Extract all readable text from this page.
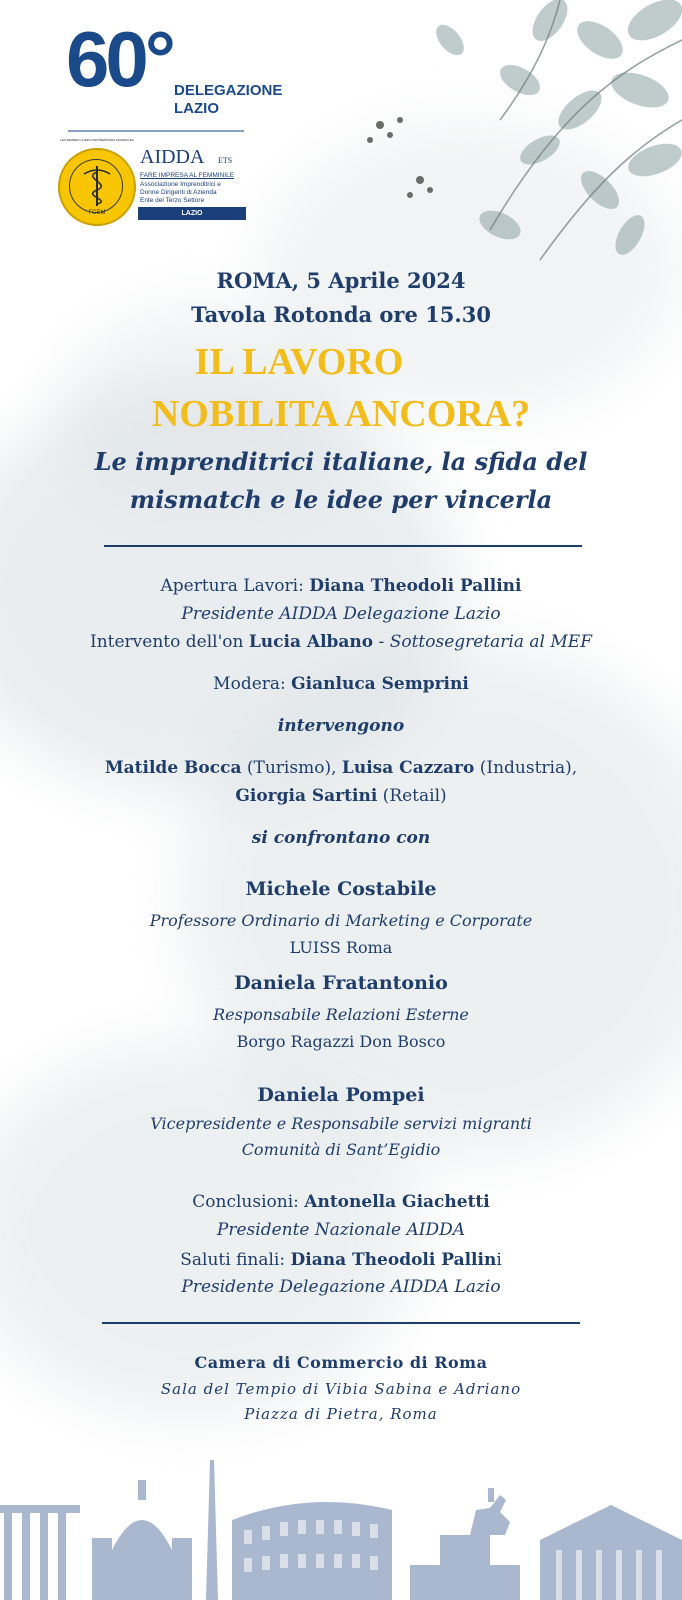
60° DELEGAZIONE
LAZIO
LES FEMMES CHEFS D'ENTREPRISES MONDIALES
FCEM
AIDDA ETS
FARE IMPRESA AL FEMMINILE
Associazione Imprenditrici e
Donne Dirigenti di Azienda
Ente del Terzo Settore
LAZIO
ROMA, 5 Aprile 2024
Tavola Rotonda ore 15.30
IL LAVORO
NOBILITA ANCORA?
Le imprenditrici italiane, la sfida del
mismatch e le idee per vincerla
Apertura Lavori: Diana Theodoli Pallini
Presidente AIDDA Delegazione Lazio
Intervento dell'on Lucia Albano - Sottosegretaria al MEF
Modera: Gianluca Semprini
intervengono
Matilde Bocca (Turismo), Luisa Cazzaro (Industria),
Giorgia Sartini (Retail)
si confrontano con
Michele Costabile
Professore Ordinario di Marketing e Corporate
LUISS Roma
Daniela Fratantonio
Responsabile Relazioni Esterne
Borgo Ragazzi Don Bosco
Daniela Pompei
Vicepresidente e Responsabile servizi migranti
Comunità di Sant’Egidio
Conclusioni: Antonella Giachetti
Presidente Nazionale AIDDA
Saluti finali: Diana Theodoli Pallini
Presidente Delegazione AIDDA Lazio
Camera di Commercio di Roma
Sala del Tempio di Vibia Sabina e Adriano
Piazza di Pietra, Roma
